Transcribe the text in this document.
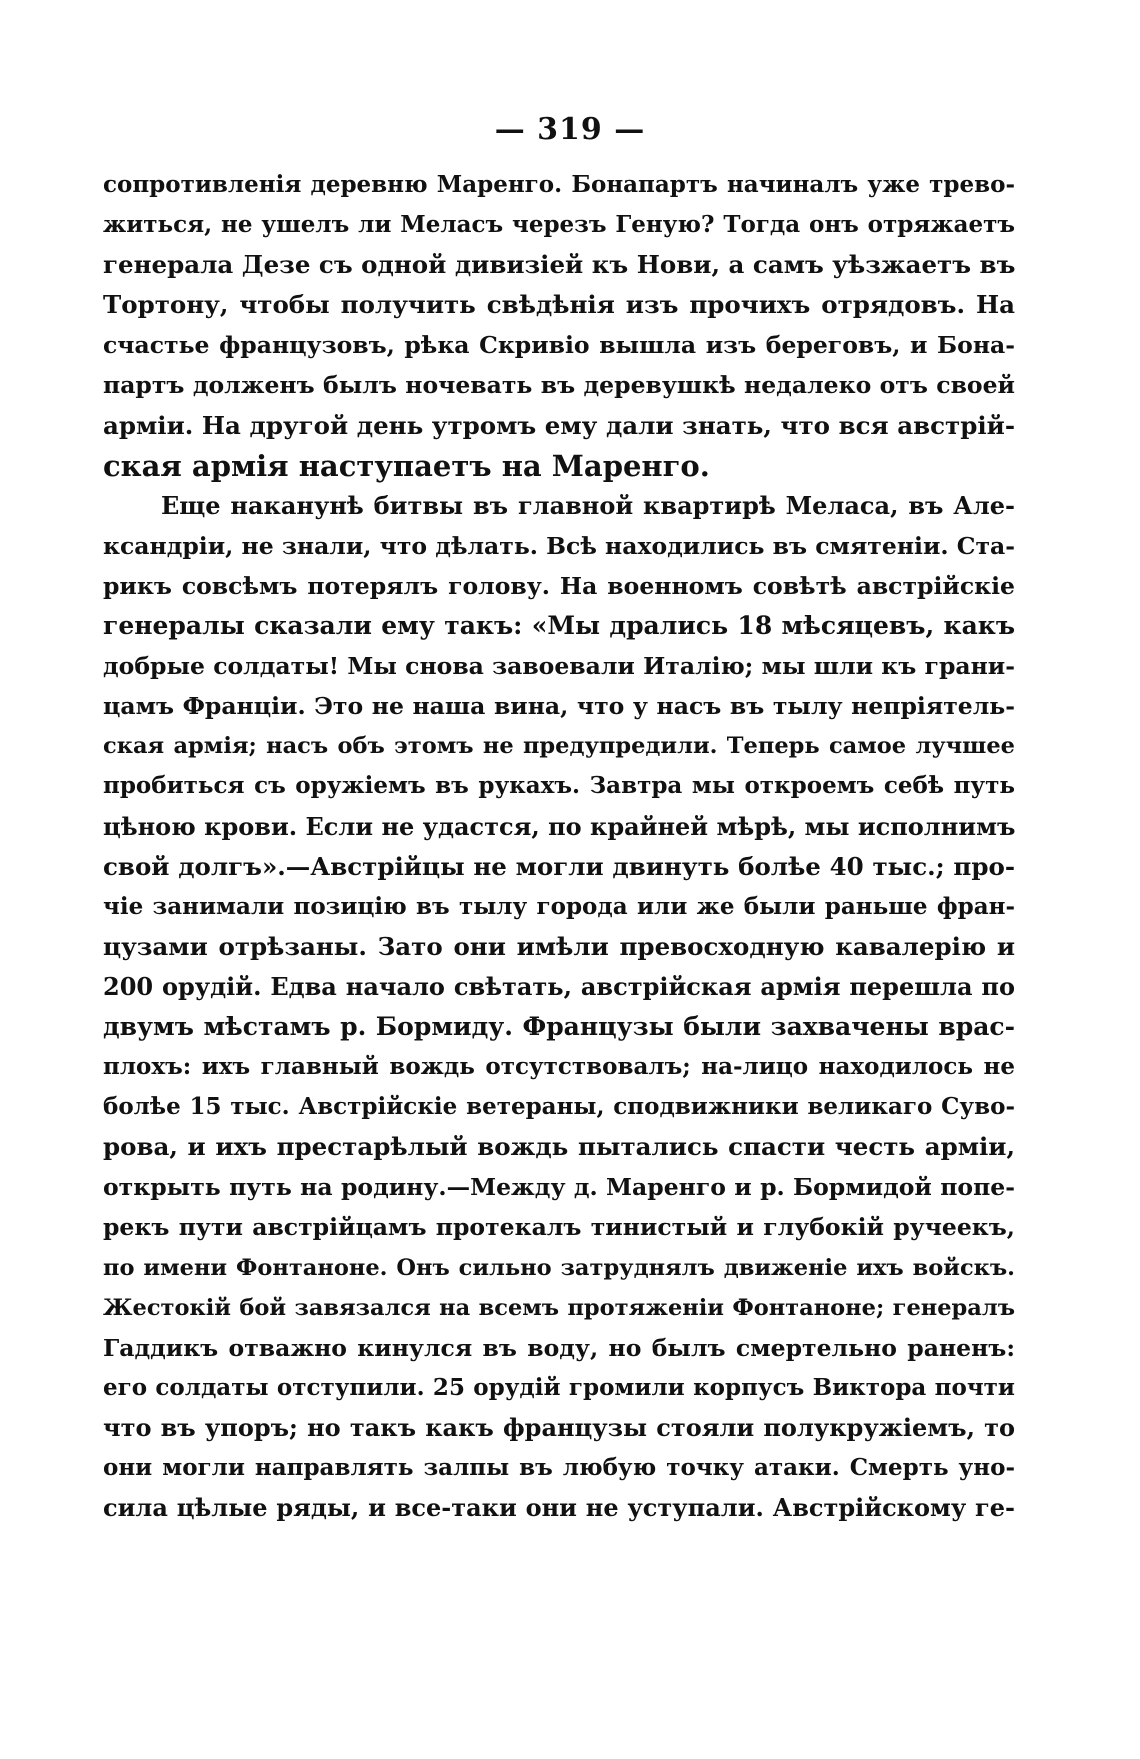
— 319 —
сопротивленія деревню Маренго. Бонапартъ начиналъ уже трево-
житься, не ушелъ ли Меласъ черезъ Геную? Тогда онъ отряжаетъ
генерала Дезе съ одной дивизіей къ Нови, а самъ уѣзжаетъ въ
Тортону, чтобы получить свѣдѣнія изъ прочихъ отрядовъ. На
счастье французовъ, рѣка Скривіо вышла изъ береговъ, и Бона-
партъ долженъ былъ ночевать въ деревушкѣ недалеко отъ своей
арміи. На другой день утромъ ему дали знать, что вся австрій-
ская армія наступаетъ на Маренго.
Еще наканунѣ битвы въ главной квартирѣ Меласа, въ Але-
ксандріи, не знали, что дѣлать. Всѣ находились въ смятеніи. Ста-
рикъ совсѣмъ потерялъ голову. На военномъ совѣтѣ австрійскіе
генералы сказали ему такъ: «Мы дрались 18 мѣсяцевъ, какъ
добрые солдаты! Мы снова завоевали Италію; мы шли къ грани-
цамъ Франціи. Это не наша вина, что у насъ въ тылу непріятель-
ская армія; насъ объ этомъ не предупредили. Теперь самое лучшее
пробиться съ оружіемъ въ рукахъ. Завтра мы откроемъ себѣ путь
цѣною крови. Если не удастся, по крайней мѣрѣ, мы исполнимъ
свой долгъ».—Австрійцы не могли двинуть болѣе 40 тыс.; про-
чіе занимали позицію въ тылу города или же были раньше фран-
цузами отрѣзаны. Зато они имѣли превосходную кавалерію и
200 орудій. Едва начало свѣтать, австрійская армія перешла по
двумъ мѣстамъ р. Бормиду. Французы были захвачены врас-
плохъ: ихъ главный вождь отсутствовалъ; на-лицо находилось не
болѣе 15 тыс. Австрійскіе ветераны, сподвижники великаго Суво-
рова, и ихъ престарѣлый вождь пытались спасти честь арміи,
открыть путь на родину.—Между д. Маренго и р. Бормидой попе-
рекъ пути австрійцамъ протекалъ тинистый и глубокій ручеекъ,
по имени Фонтаноне. Онъ сильно затруднялъ движеніе ихъ войскъ.
Жестокій бой завязался на всемъ протяженіи Фонтаноне; генералъ
Гаддикъ отважно кинулся въ воду, но былъ смертельно раненъ:
его солдаты отступили. 25 орудій громили корпусъ Виктора почти
что въ упоръ; но такъ какъ французы стояли полукружіемъ, то
они могли направлять залпы въ любую точку атаки. Смерть уно-
сила цѣлые ряды, и все-таки они не уступали. Австрійскому ге-
